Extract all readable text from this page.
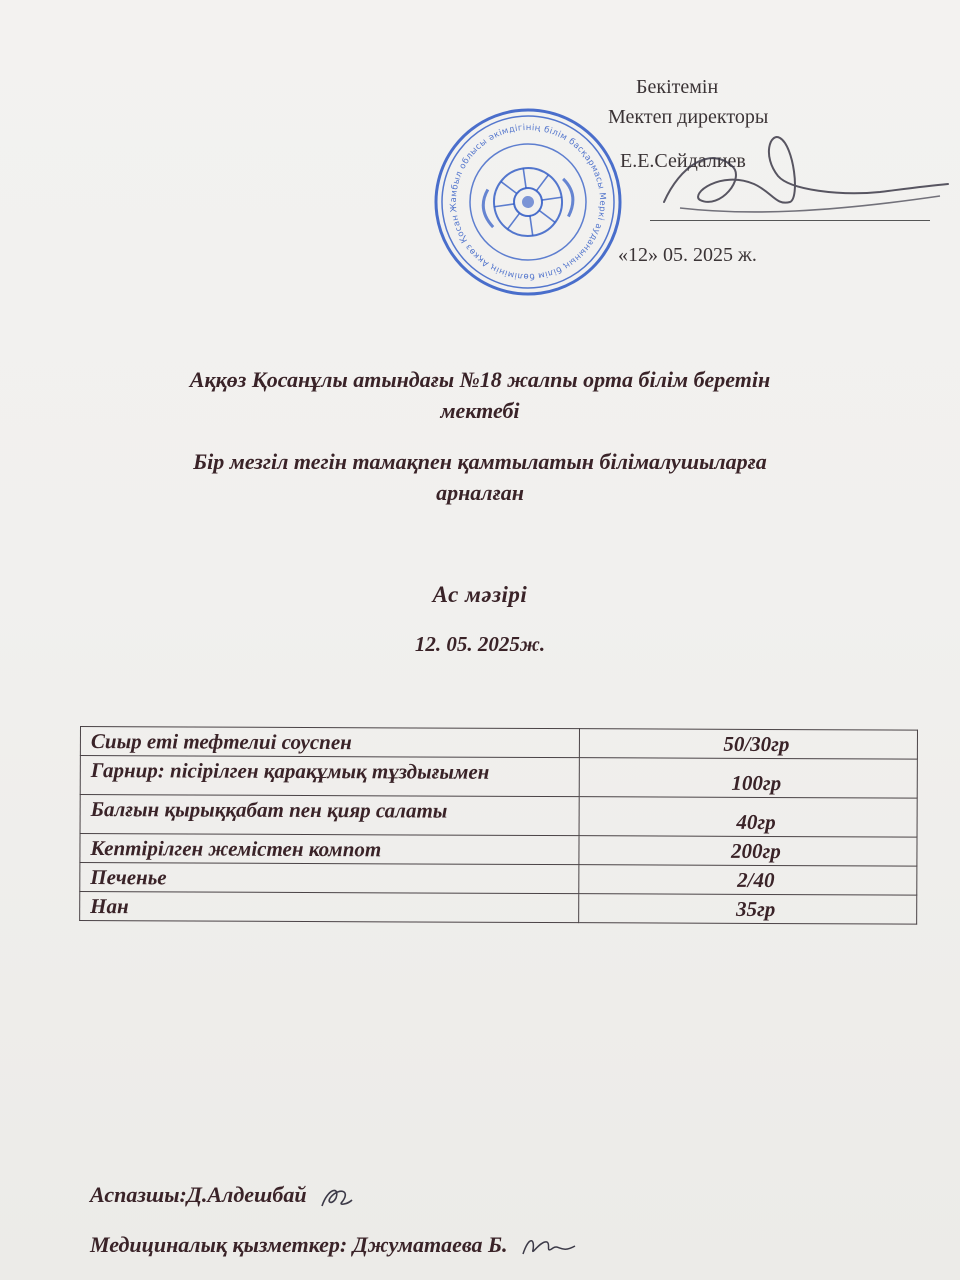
Жамбыл облысы әкімдігінің білім басқармасы Меркі ауданының білім бөлімінің Ақкөз Қосанұлы
Бекітемін
Мектеп директоры
Е.Е.Сейдалиев
«12» 05. 2025 ж.
Аққөз Қосанұлы атындағы №18 жалпы орта білім беретін
мектебі
Бір мезгіл тегін тамақпен қамтылатын білімалушыларға
арналған
Ас мәзірі
12. 05. 2025ж.
Сиыр еті тефтелиі соуспен	50/30гр
Гарнир: пісірілген қарақұмық тұздығымен	100гр
Балғын қырыққабат пен қияр салаты	40гр
Кептірілген жемістен компот	200гр
Печенье	2/40
Нан	35гр
Аспазшы:Д.Алдешбай
Медициналық қызметкер: Джуматаева Б.
